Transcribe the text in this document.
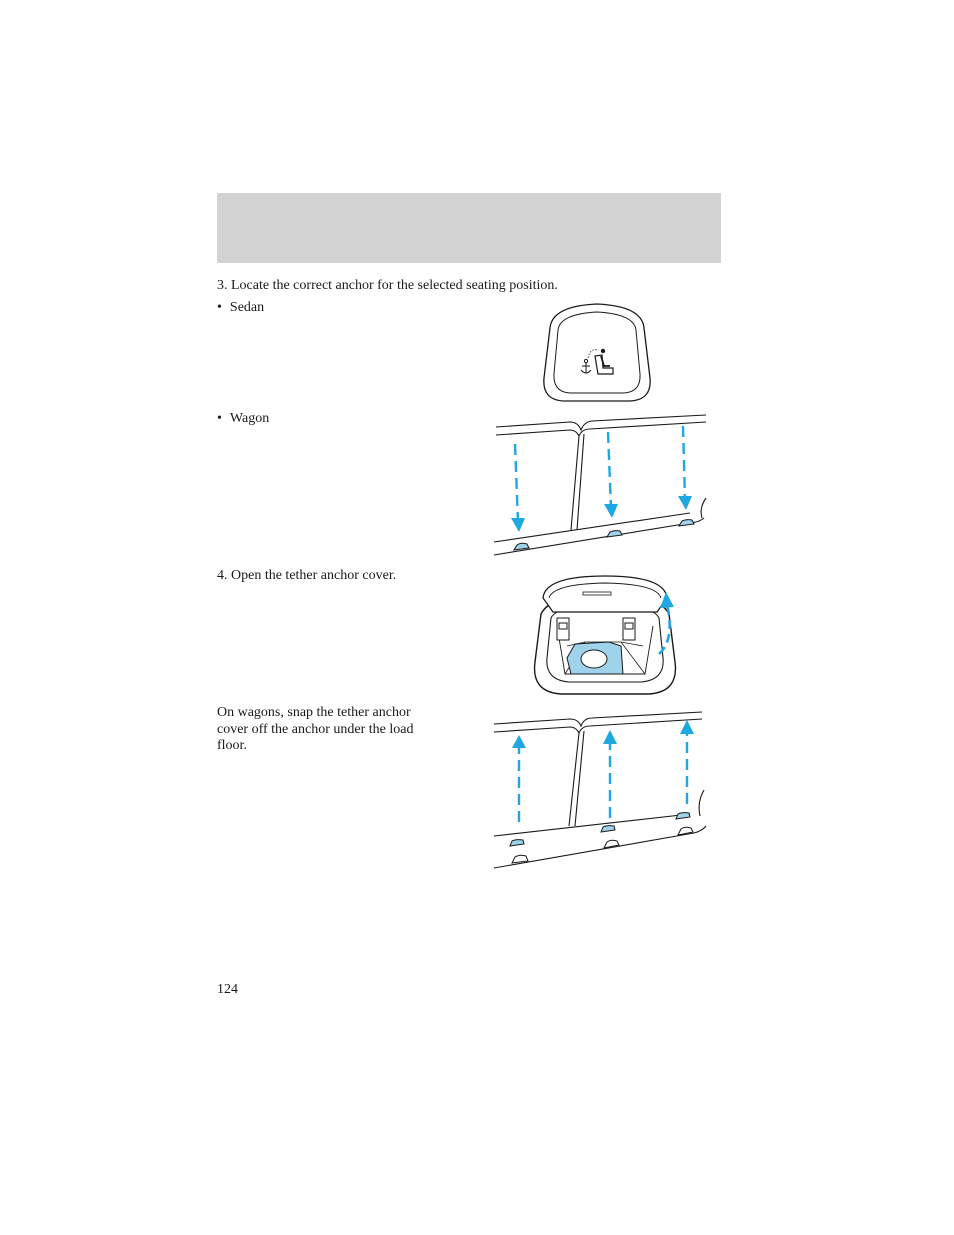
3. Locate the correct anchor for the selected seating position.

• Sedan
• Wagon

4. Open the tether anchor cover.

On wagons, snap the tether anchor
cover off the anchor under the load
floor.

124
